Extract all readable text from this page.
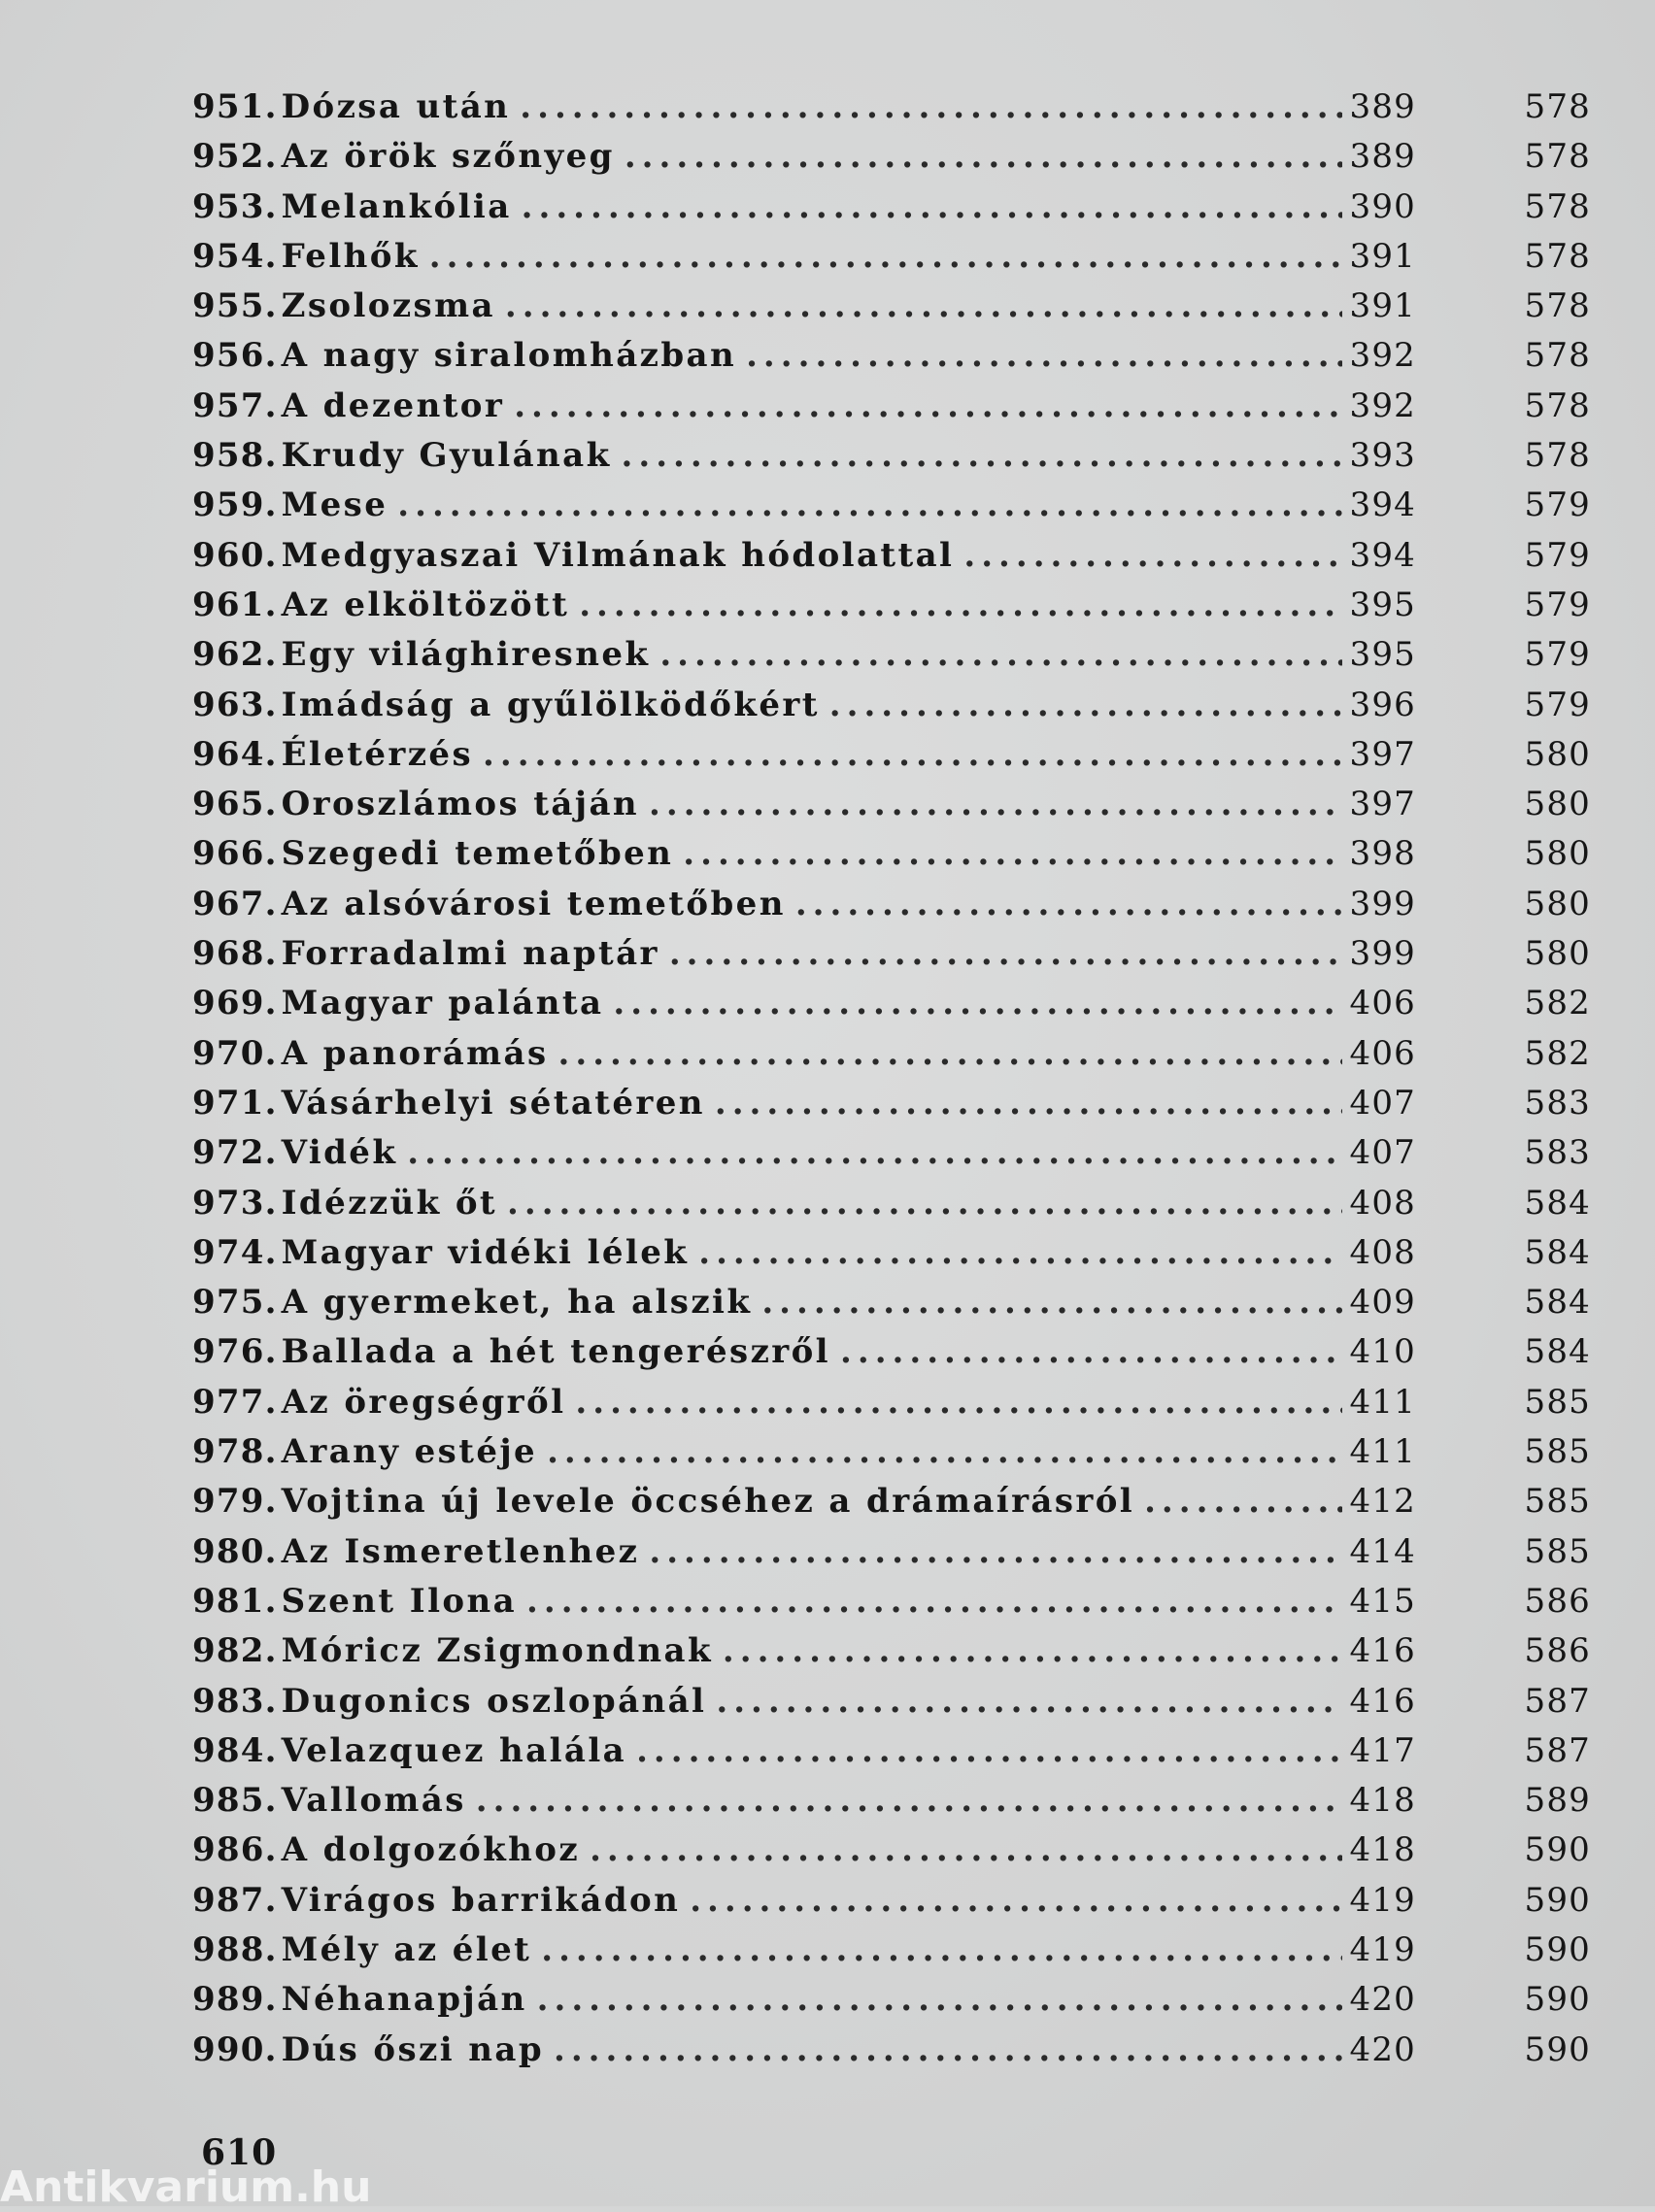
951. Dózsa után .....	389	578
952. Az örök szőnyeg .....	389	578
953. Melankólia .....	390	578
954. Felhők .....	391	578
955. Zsolozsma .....	391	578
956. A nagy siralomházban .....	392	578
957. A dezentor .....	392	578
958. Krudy Gyulának .....	393	578
959. Mese .....	394	579
960. Medgyaszai Vilmának hódolattal .....	394	579
961. Az elköltözött .....	395	579
962. Egy világhiresnek .....	395	579
963. Imádság a gyűlölködőkért .....	396	579
964. Életérzés .....	397	580
965. Oroszlámos táján .....	397	580
966. Szegedi temetőben .....	398	580
967. Az alsóvárosi temetőben .....	399	580
968. Forradalmi naptár .....	399	580
969. Magyar palánta .....	406	582
970. A panorámás .....	406	582
971. Vásárhelyi sétatéren .....	407	583
972. Vidék .....	407	583
973. Idézzük őt .....	408	584
974. Magyar vidéki lélek .....	408	584
975. A gyermeket, ha alszik .....	409	584
976. Ballada a hét tengerészről .....	410	584
977. Az öregségről .....	411	585
978. Arany estéje .....	411	585
979. Vojtina új levele öccséhez a drámaírásról .....	412	585
980. Az Ismeretlenhez .....	414	585
981. Szent Ilona .....	415	586
982. Móricz Zsigmondnak .....	416	586
983. Dugonics oszlopánál .....	416	587
984. Velazquez halála .....	417	587
985. Vallomás .....	418	589
986. A dolgozókhoz .....	418	590
987. Virágos barrikádon .....	419	590
988. Mély az élet .....	419	590
989. Néhanapján .....	420	590
990. Dús őszi nap .....	420	590
610
Antikvarium.hu
